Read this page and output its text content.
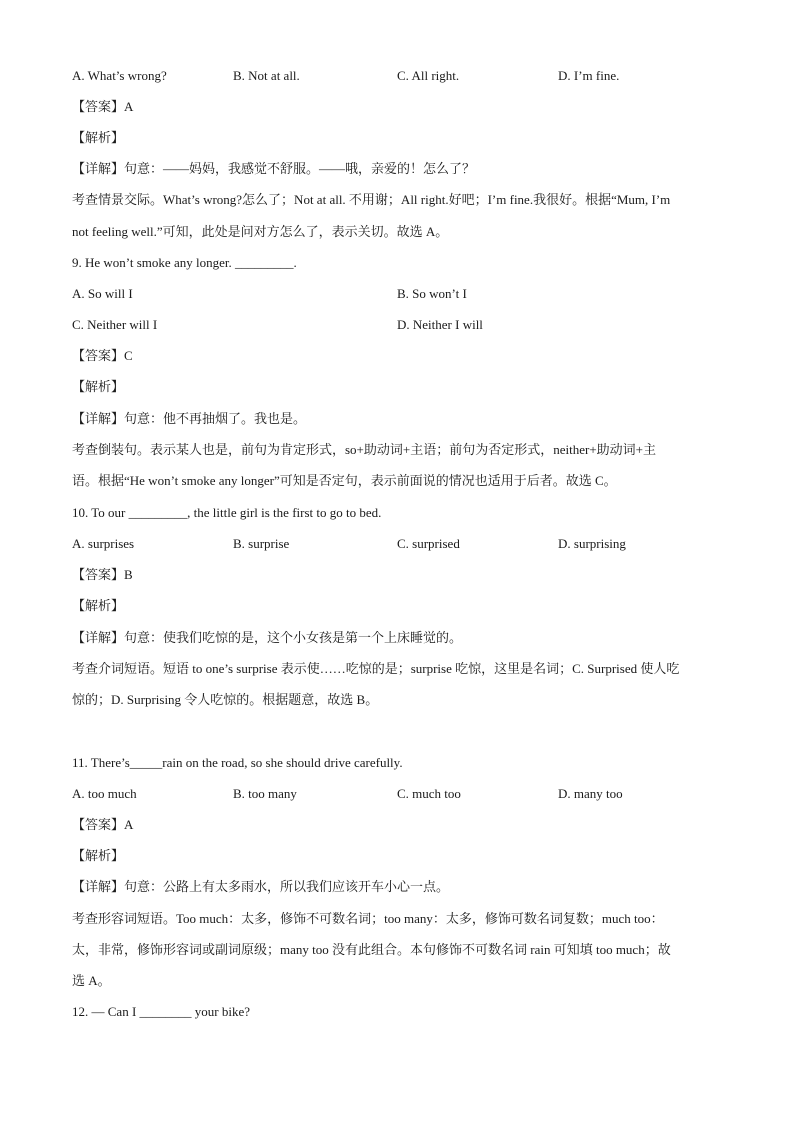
A. What’s wrong?	B. Not at all.	C. All right.	D. I’m fine.
【答案】A
【解析】
【详解】句意：——妈妈，我感觉不舒服。——哦，亲爱的！怎么了？
考查情景交际。What’s wrong?怎么了；Not at all. 不用谢；All right.好吧；I’m fine.我很好。根据“Mum, I’m
not feeling well.”可知，此处是问对方怎么了，表示关切。故选 A。
9. He won’t smoke any longer. _________.
A. So will I	B. So won’t I
C. Neither will I	D. Neither I will
【答案】C
【解析】
【详解】句意：他不再抽烟了。我也是。
考查倒装句。表示某人也是，前句为肯定形式，so+助动词+主语；前句为否定形式，neither+助动词+主
语。根据“He won’t smoke any longer”可知是否定句，表示前面说的情况也适用于后者。故选 C。
10. To our _________, the little girl is the first to go to bed.
A. surprises	B. surprise	C. surprised	D. surprising
【答案】B
【解析】
【详解】句意：使我们吃惊的是，这个小女孩是第一个上床睡觉的。
考查介词短语。短语 to one’s surprise 表示使……吃惊的是；surprise 吃惊，这里是名词；C. Surprised 使人吃
惊的；D. Surprising 令人吃惊的。根据题意，故选 B。
11. There’s_____rain on the road, so she should drive carefully.
A. too much	B. too many	C. much too	D. many too
【答案】A
【解析】
【详解】句意：公路上有太多雨水，所以我们应该开车小心一点。
考查形容词短语。Too much：太多，修饰不可数名词；too many：太多，修饰可数名词复数；much too：
太，非常，修饰形容词或副词原级；many too 没有此组合。本句修饰不可数名词 rain 可知填 too much；故
选 A。
12. — Can I ________ your bike?
